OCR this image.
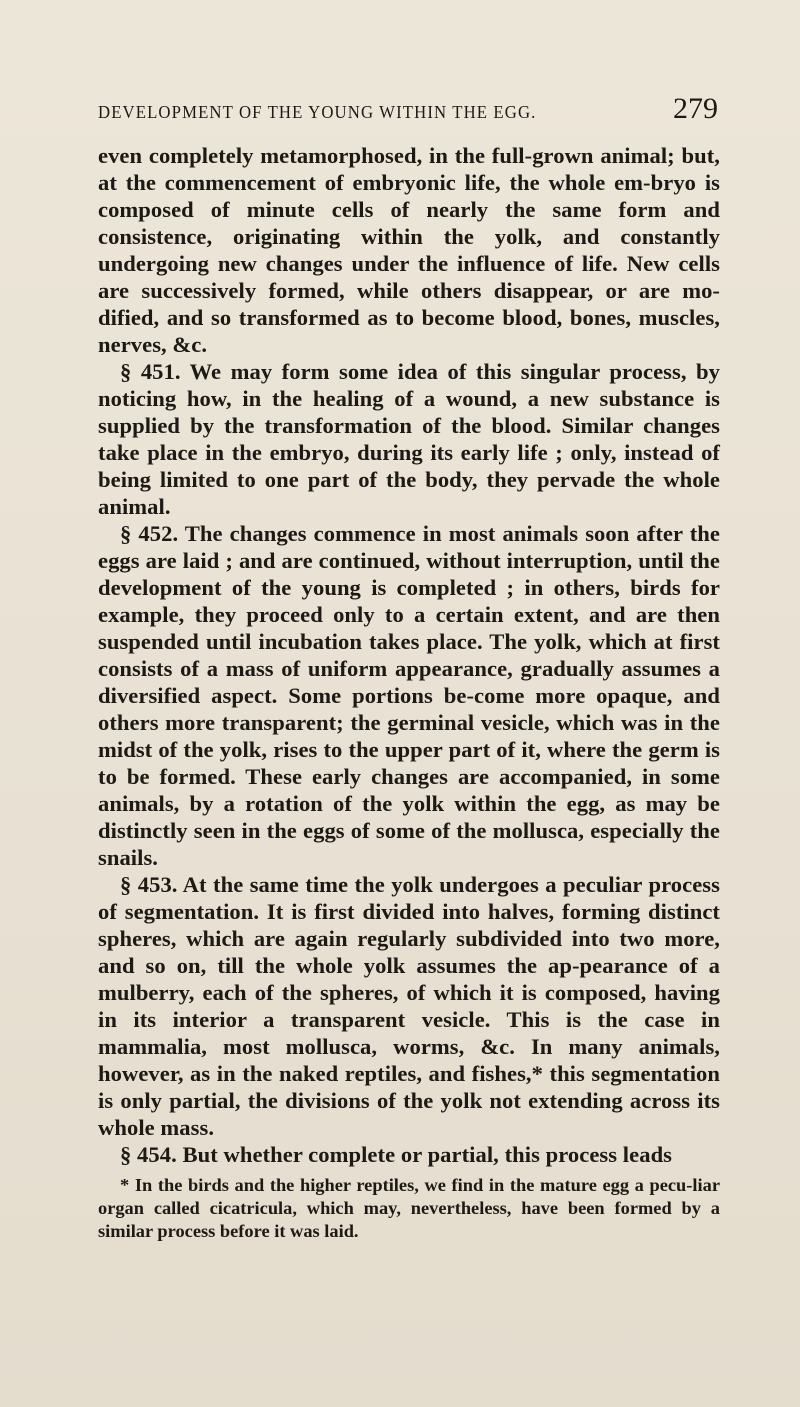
DEVELOPMENT OF THE YOUNG WITHIN THE EGG.	279

even completely metamorphosed, in the full-grown animal; but, at the commencement of embryonic life, the whole em-bryo is composed of minute cells of nearly the same form and consistence, originating within the yolk, and constantly undergoing new changes under the influence of life. New cells are successively formed, while others disappear, or are mo-dified, and so transformed as to become blood, bones, muscles, nerves, &c.

§ 451. We may form some idea of this singular process, by noticing how, in the healing of a wound, a new substance is supplied by the transformation of the blood. Similar changes take place in the embryo, during its early life ; only, instead of being limited to one part of the body, they pervade the whole animal.

§ 452. The changes commence in most animals soon after the eggs are laid ; and are continued, without interruption, until the development of the young is completed ; in others, birds for example, they proceed only to a certain extent, and are then suspended until incubation takes place. The yolk, which at first consists of a mass of uniform appearance, gradually assumes a diversified aspect. Some portions be-come more opaque, and others more transparent; the germinal vesicle, which was in the midst of the yolk, rises to the upper part of it, where the germ is to be formed. These early changes are accompanied, in some animals, by a rotation of the yolk within the egg, as may be distinctly seen in the eggs of some of the mollusca, especially the snails.

§ 453. At the same time the yolk undergoes a peculiar process of segmentation. It is first divided into halves, forming distinct spheres, which are again regularly subdivided into two more, and so on, till the whole yolk assumes the ap-pearance of a mulberry, each of the spheres, of which it is composed, having in its interior a transparent vesicle. This is the case in mammalia, most mollusca, worms, &c. In many animals, however, as in the naked reptiles, and fishes,* this segmentation is only partial, the divisions of the yolk not extending across its whole mass.

§ 454. But whether complete or partial, this process leads

* In the birds and the higher reptiles, we find in the mature egg a pecu-liar organ called cicatricula, which may, nevertheless, have been formed by a similar process before it was laid.
